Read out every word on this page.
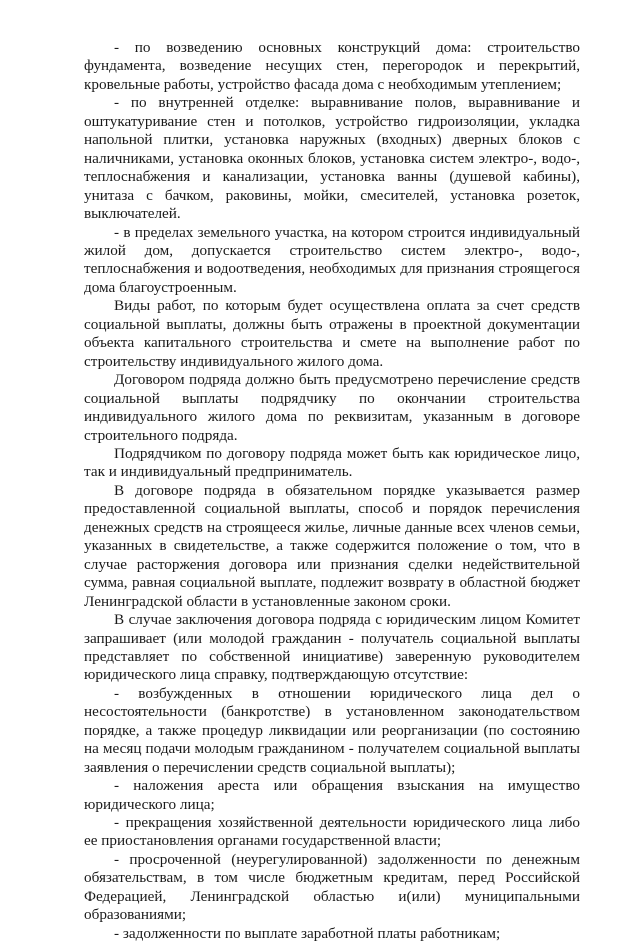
- по возведению основных конструкций дома: строительство фундамента, возведение несущих стен, перегородок и перекрытий, кровельные работы, устройство фасада дома с необходимым утеплением;

- по внутренней отделке: выравнивание полов, выравнивание и оштукатуривание стен и потолков, устройство гидроизоляции, укладка напольной плитки, установка наружных (входных) дверных блоков с наличниками, установка оконных блоков, установка систем электро-, водо-, теплоснабжения и канализации, установка ванны (душевой кабины), унитаза с бачком, раковины, мойки, смесителей, установка розеток, выключателей.

- в пределах земельного участка, на котором строится индивидуальный жилой дом, допускается строительство систем электро-, водо-, теплоснабжения и водоотведения, необходимых для признания строящегося дома благоустроенным.

Виды работ, по которым будет осуществлена оплата за счет средств социальной выплаты, должны быть отражены в проектной документации объекта капитального строительства и смете на выполнение работ по строительству индивидуального жилого дома.

Договором подряда должно быть предусмотрено перечисление средств социальной выплаты подрядчику по окончании строительства индивидуального жилого дома по реквизитам, указанным в договоре строительного подряда.

Подрядчиком по договору подряда может быть как юридическое лицо, так и индивидуальный предприниматель.

В договоре подряда в обязательном порядке указывается размер предоставленной социальной выплаты, способ и порядок перечисления денежных средств на строящееся жилье, личные данные всех членов семьи, указанных в свидетельстве, а также содержится положение о том, что в случае расторжения договора или признания сделки недействительной сумма, равная социальной выплате, подлежит возврату в областной бюджет Ленинградской области в установленные законом сроки.

В случае заключения договора подряда с юридическим лицом Комитет запрашивает (или молодой гражданин - получатель социальной выплаты представляет по собственной инициативе) заверенную руководителем юридического лица справку, подтверждающую отсутствие:

- возбужденных в отношении юридического лица дел о несостоятельности (банкротстве) в установленном законодательством порядке, а также процедур ликвидации или реорганизации (по состоянию на месяц подачи молодым гражданином - получателем социальной выплаты заявления о перечислении средств социальной выплаты);

- наложения ареста или обращения взыскания на имущество юридического лица;

- прекращения хозяйственной деятельности юридического лица либо ее приостановления органами государственной власти;

- просроченной (неурегулированной) задолженности по денежным обязательствам, в том числе бюджетным кредитам, перед Российской Федерацией, Ленинградской областью и(или) муниципальными образованиями;

- задолженности по выплате заработной платы работникам;
